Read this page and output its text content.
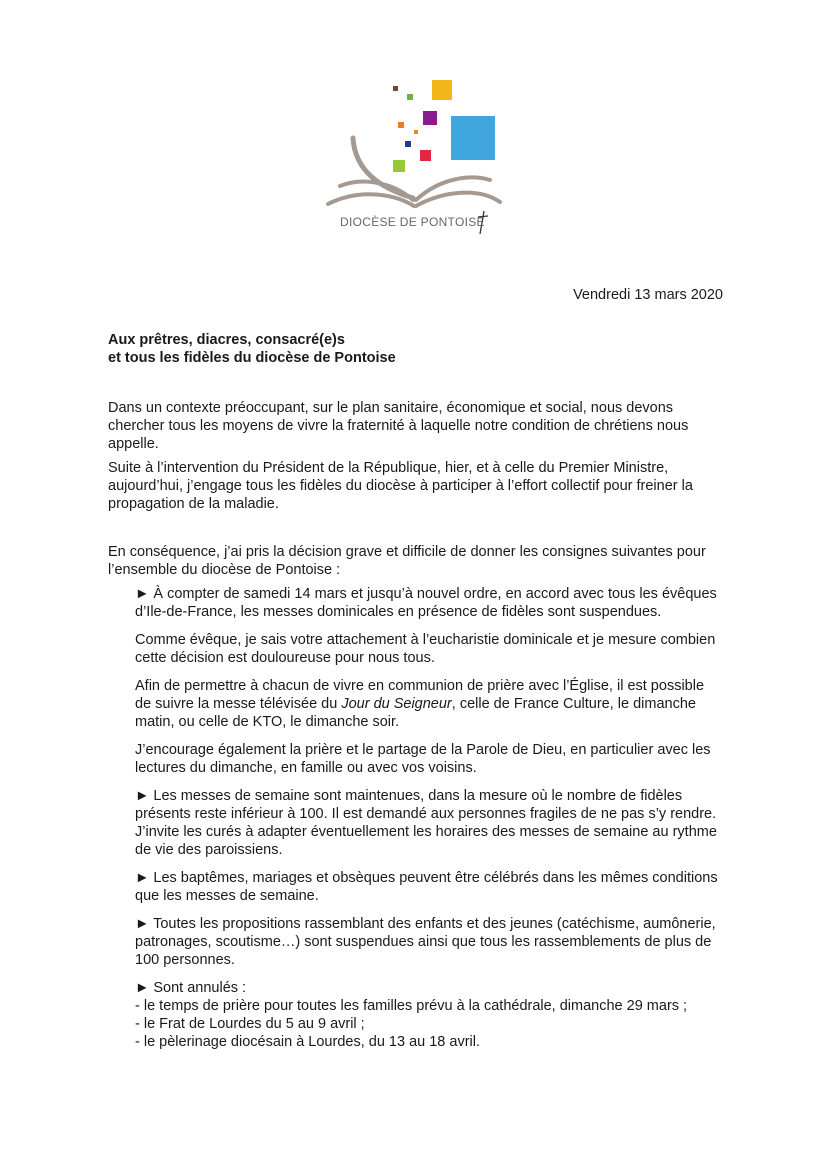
DIOCÈSE DE PONTOISE
Vendredi 13 mars 2020
Aux prêtres, diacres, consacré(e)s
et tous les fidèles du diocèse de Pontoise

Dans un contexte préoccupant, sur le plan sanitaire, économique et social, nous devons chercher tous les moyens de vivre la fraternité à laquelle notre condition de chrétiens nous appelle.

Suite à l’intervention du Président de la République, hier, et à celle du Premier Ministre, aujourd’hui, j’engage tous les fidèles du diocèse à participer à l’effort collectif pour freiner la propagation de la maladie.

En conséquence, j’ai pris la décision grave et difficile de donner les consignes suivantes pour l’ensemble du diocèse de Pontoise :

► À compter de samedi 14 mars et jusqu’à nouvel ordre, en accord avec tous les évêques d’Ile-de-France, les messes dominicales en présence de fidèles sont suspendues.

Comme évêque, je sais votre attachement à l’eucharistie dominicale et je mesure combien cette décision est douloureuse pour nous tous.

Afin de permettre à chacun de vivre en communion de prière avec l’Église, il est possible de suivre la messe télévisée du Jour du Seigneur, celle de France Culture, le dimanche matin, ou celle de KTO, le dimanche soir.

J’encourage également la prière et le partage de la Parole de Dieu, en particulier avec les lectures du dimanche, en famille ou avec vos voisins.

► Les messes de semaine sont maintenues, dans la mesure où le nombre de fidèles présents reste inférieur à 100. Il est demandé aux personnes fragiles de ne pas s’y rendre. J’invite les curés à adapter éventuellement les horaires des messes de semaine au rythme de vie des paroissiens.

► Les baptêmes, mariages et obsèques peuvent être célébrés dans les mêmes conditions que les messes de semaine.

► Toutes les propositions rassemblant des enfants et des jeunes (catéchisme, aumônerie, patronages, scoutisme…) sont suspendues ainsi que tous les rassemblements de plus de 100 personnes.

► Sont annulés :
- le temps de prière pour toutes les familles prévu à la cathédrale, dimanche 29 mars ;
- le Frat de Lourdes du 5 au 9 avril ;
- le pèlerinage diocésain à Lourdes, du 13 au 18 avril.
